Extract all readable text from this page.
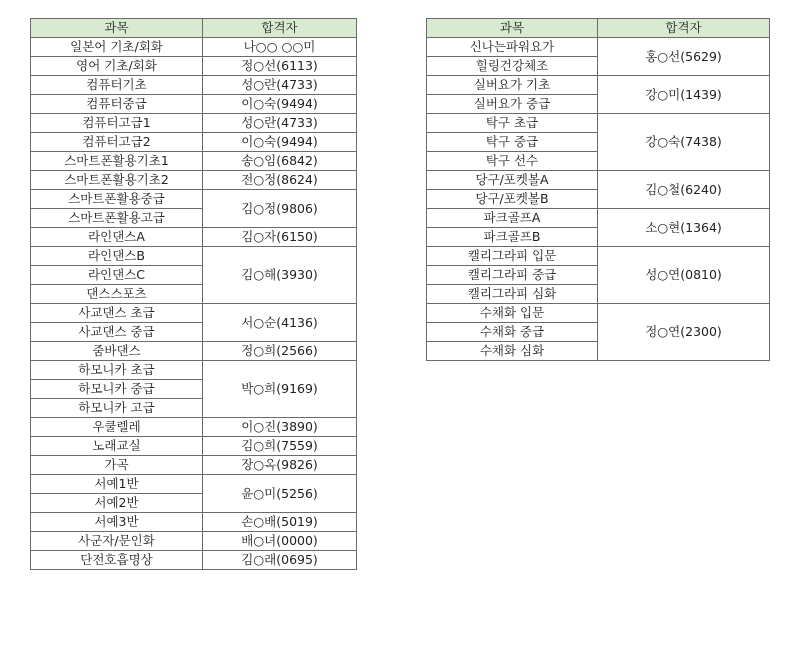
과목	합격자
일본어 기초/회화	나○○ ○○미
영어 기초/회화	정○선(6113)
컴퓨터기초	성○란(4733)
컴퓨터중급	이○숙(9494)
컴퓨터고급1	성○란(4733)
컴퓨터고급2	이○숙(9494)
스마트폰활용기초1	송○임(6842)
스마트폰활용기초2	전○정(8624)
스마트폰활용중급	김○정(9806)
스마트폰활용고급	
라인댄스A	김○자(6150)
라인댄스B	김○해(3930)
라인댄스C	
댄스스포츠	
사교댄스 초급	서○순(4136)
사교댄스 중급	
줌바댄스	정○희(2566)
하모니카 초급	박○희(9169)
하모니카 중급	
하모니카 고급	
우쿨렐레	이○진(3890)
노래교실	김○희(7559)
가곡	장○옥(9826)
서예1반	윤○미(5256)
서예2반	
서예3반	손○배(5019)
사군자/문인화	배○녀(0000)
단전호흡명상	김○래(0695)
과목	합격자
신나는파워요가	홍○선(5629)
힐링건강체조	
실버요가 기초	강○미(1439)
실버요가 중급	
탁구 초급	강○숙(7438)
탁구 중급	
탁구 선수	
당구/포켓볼A	김○철(6240)
당구/포켓볼B	
파크골프A	소○현(1364)
파크골프B	
캘리그라피 입문	성○연(0810)
캘리그라피 중급	
캘리그라피 심화	
수채화 입문	정○연(2300)
수채화 중급	
수채화 심화	
